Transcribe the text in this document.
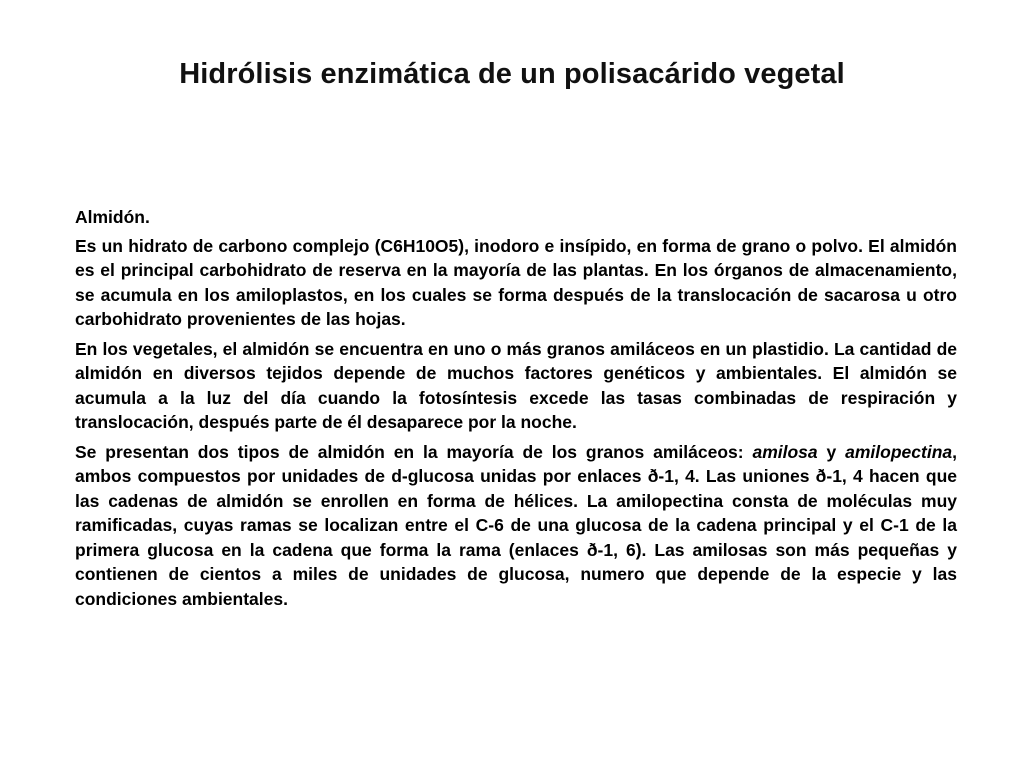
Hidrólisis enzimática de un polisacárido vegetal
Almidón.

Es un hidrato de carbono complejo (C6H10O5), inodoro e insípido, en forma de grano o polvo. El almidón es el principal carbohidrato de reserva en la mayoría de las plantas. En los órganos de almacenamiento, se acumula en los amiloplastos, en los cuales se forma después de la translocación de sacarosa u otro carbohidrato provenientes de las hojas.

En los vegetales, el almidón se encuentra en uno o más granos amiláceos en un plastidio. La cantidad de almidón en diversos tejidos depende de muchos factores genéticos y ambientales. El almidón se acumula a la luz del día cuando la fotosíntesis excede las tasas combinadas de respiración y translocación, después parte de él desaparece por la noche.

Se presentan dos tipos de almidón en la mayoría de los granos amiláceos: amilosa y amilopectina, ambos compuestos por unidades de d-glucosa unidas por enlaces ð-1, 4. Las uniones ð-1, 4 hacen que las cadenas de almidón se enrollen en forma de hélices. La amilopectina consta de moléculas muy ramificadas, cuyas ramas se localizan entre el C-6 de una glucosa de la cadena principal y el C-1 de la primera glucosa en la cadena que forma la rama (enlaces ð-1, 6). Las amilosas son más pequeñas y contienen de cientos a miles de unidades de glucosa, numero que depende de la especie y las condiciones ambientales.
